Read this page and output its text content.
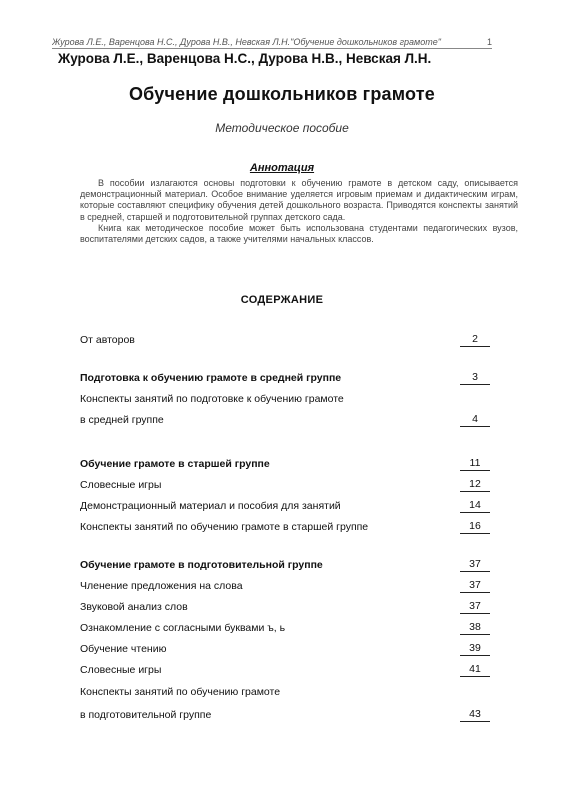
Журова Л.Е., Варенцова Н.С., Дурова Н.В., Невская Л.Н."Обучение дошкольников грамоте"	1
Журова Л.Е., Варенцова Н.С., Дурова Н.В., Невская Л.Н.
Обучение дошкольников грамоте
Методическое пособие
Аннотация

В пособии излагаются основы подготовки к обучению грамоте в детском саду, описывается демонстрационный материал. Особое внимание уделяется игровым приемам и дидактическим играм, которые составляют специфику обучения детей дошкольного возраста. Приводятся конспекты занятий в средней, старшей и подготовительной группах детского сада.

Книга как методическое пособие может быть использована студентами педагогических вузов, воспитателями детских садов, а также учителями начальных классов.

СОДЕРЖАНИЕ
От авторов	2
Подготовка к обучению грамоте в средней группе	3
Конспекты занятий по подготовке к обучению грамоте
в средней группе	4
Обучение грамоте в старшей группе	11
Словесные игры	12
Демонстрационный материал и пособия для занятий	14
Конспекты занятий по обучению грамоте в старшей группе	16
Обучение грамоте в подготовительной группе	37
Членение предложения на слова	37
Звуковой анализ слов	37
Ознакомление с согласными буквами ъ, ь	38
Обучение чтению	39
Словесные игры	41
Конспекты занятий по обучению грамоте
в подготовительной группе	43
